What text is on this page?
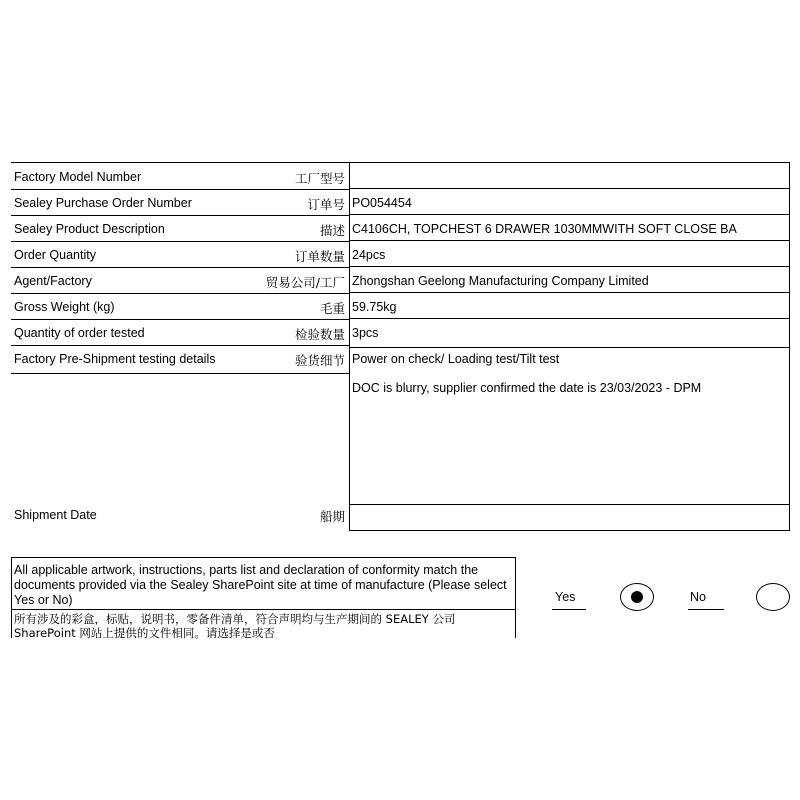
Factory Model Number	工厂型号
Sealey Purchase Order Number	订单号 PO054454
Sealey Product Description	描述 C4106CH, TOPCHEST 6 DRAWER 1030MMWITH SOFT CLOSE BA
Order Quantity	订单数量 24pcs
Agent/Factory	贸易公司/工厂 Zhongshan Geelong Manufacturing Company Limited
Gross Weight (kg)	毛重 59.75kg
Quantity of order tested	检验数量 3pcs
Factory Pre-Shipment testing details	验货细节 Power on check/ Loading test/Tilt test
DOC is blurry, supplier confirmed the date is 23/03/2023 - DPM
Shipment Date	船期
All applicable artwork, instructions, parts list and declaration of conformity match the documents provided via the Sealey SharePoint site at time of manufacture (Please select Yes or No)
所有涉及的彩盒，标贴，说明书，零备件清单，符合声明均与生产期间的 SEALEY 公司 SharePoint 网站上提供的文件相同。请选择是或否
Yes	No
